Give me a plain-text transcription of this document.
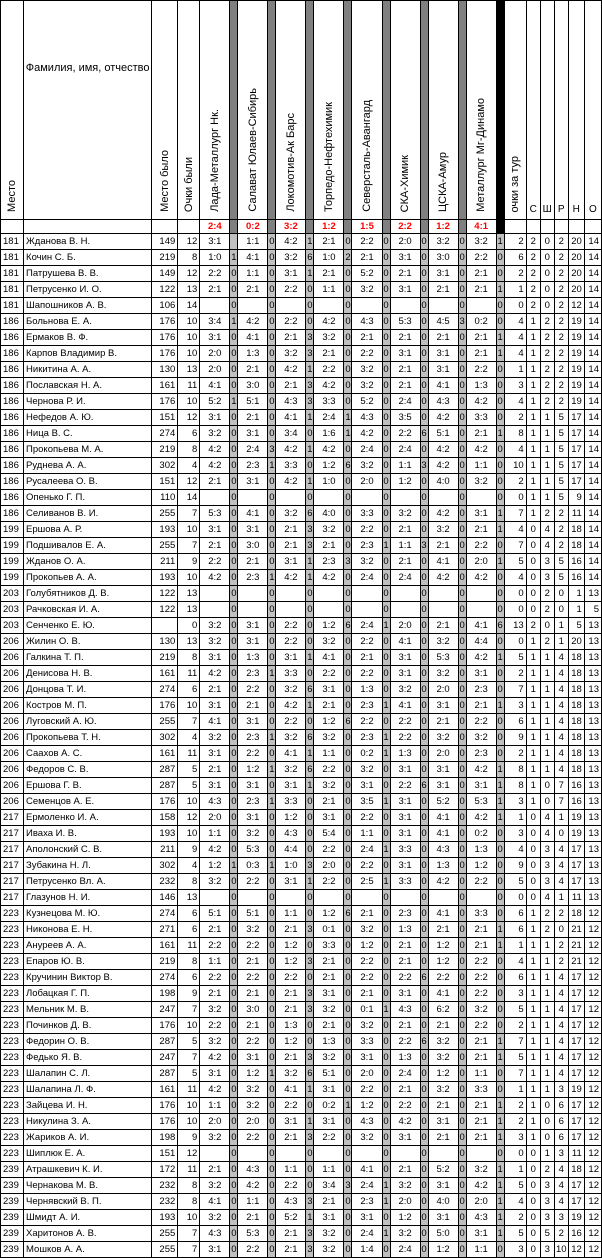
Место	Фамилия, имя, отчество	Место было	Очки были	Лада-Металлург Нк.		Салават Юлаев-Сибирь		Локомотив-Ак Барс		Торпедо-Нефтехимик		Северсталь-Авангард		СКА-Химик		ЦСКА-Амур		Металлург Мг-Динамо		очки за тур	С	Ш	Р	Н	О
				2:4		0:2		3:2		1:2		1:5		2:2		1:2		4:1							
181	Жданова В. Н.	149	12	3:1		1:1	0	4:2	1	2:1	0	2:2	0	2:0	0	3:2	0	3:2	1	2	2	0	2	20	14
181	Кочин С. Б.	219	8	1:0	1	4:1	0	3:2	6	1:0	2	2:1	0	3:1	0	3:0	0	2:2	0	6	2	0	2	20	14
181	Патрушева В. В.	149	12	2:2	0	1:1	0	3:1	1	2:1	0	5:2	0	2:1	0	3:1	0	2:1	0	2	2	0	2	20	14
181	Петрусенко И. О.	122	13	2:1	0	2:1	0	2:2	0	1:1	0	3:2	0	3:1	0	2:1	0	2:1	1	1	2	0	2	20	14
181	Шапошников А. В.	106	14		0		0		0		0		0		0		0		0	0	2	0	2	12	14
186	Больнова Е. А.	176	10	3:4	1	4:2	0	2:2	0	4:2	0	4:3	0	5:3	0	4:5	3	0:2	0	4	1	2	2	19	14
186	Ермаков В. Ф.	176	10	3:1	0	4:1	0	2:1	3	3:2	0	2:1	0	2:1	0	2:1	0	2:1	1	4	1	2	2	19	14
186	Карпов Владимир В.	176	10	2:0	0	1:3	0	3:2	3	2:1	0	2:2	0	3:1	0	3:1	0	2:1	1	4	1	2	2	19	14
186	Никитина А. А.	130	13	2:0	0	2:1	0	4:2	1	2:2	0	3:2	0	2:1	0	3:1	0	2:2	0	1	1	2	2	19	14
186	Пославская Н. А.	161	11	4:1	0	3:0	0	2:1	3	4:2	0	3:2	0	2:1	0	4:1	0	1:3	0	3	1	2	2	19	14
186	Чернова Р. И.	176	10	5:2	1	5:1	0	4:3	3	3:3	0	5:2	0	2:4	0	4:3	0	4:2	0	4	1	2	2	19	14
186	Нефедов А. Ю.	151	12	3:1	0	2:1	0	4:1	1	2:4	1	4:3	0	3:5	0	4:2	0	3:3	0	2	1	1	5	17	14
186	Ница В. С.	274	6	3:2	0	3:1	0	3:4	0	1:6	1	4:2	0	2:2	6	5:1	0	2:1	1	8	1	1	5	17	14
186	Прокопьева М. А.	219	8	4:2	0	2:4	3	4:2	1	4:2	0	2:4	0	2:4	0	4:2	0	4:2	0	4	1	1	5	17	14
186	Руднева А. А.	302	4	4:2	0	2:3	1	3:3	0	1:2	6	3:2	0	1:1	3	4:2	0	1:1	0	10	1	1	5	17	14
186	Русалеева О. В.	151	12	2:1	0	3:1	0	4:2	1	1:0	0	2:0	0	1:2	0	4:0	0	3:2	0	2	1	1	5	17	14
186	Опенько Г. П.	110	14		0		0		0		0		0		0		0		0	0	1	1	5	9	14
186	Селиванов В. И.	255	7	5:3	0	4:1	0	3:2	6	4:0	0	3:3	0	3:2	0	4:2	0	3:1	1	7	1	2	2	11	14
199	Ершова А. Р.	193	10	3:1	0	3:1	0	2:1	3	3:2	0	2:2	0	2:1	0	3:2	0	2:1	1	4	0	4	2	18	14
199	Подшивалов Е. А.	255	7	2:1	0	3:0	0	2:1	3	2:1	0	2:3	1	1:1	3	2:1	0	2:2	0	7	0	4	2	18	14
199	Жданов О. А.	211	9	2:2	0	2:1	0	3:1	1	2:3	3	3:2	0	2:1	0	4:1	0	2:0	1	5	0	3	5	16	14
199	Прокопьев А. А.	193	10	4:2	0	2:3	1	4:2	1	4:2	0	2:4	0	2:4	0	4:2	0	4:2	0	4	0	3	5	16	14
203	Голубятников Д. В.	122	13		0		0		0		0		0		0		0		0	0	0	2	0	1	13
203	Рачковская И. А.	122	13		0		0		0		0		0		0		0		0	0	0	2	0	1	5
203	Сенченко Е. Ю.		0	3:2	0	3:1	0	2:2	0	1:2	6	2:4	1	2:0	0	2:1	0	4:1	6	13	2	0	1	5	13
206	Жилин О. В.	130	13	3:2	0	3:1	0	2:2	0	3:2	0	2:2	0	4:1	0	3:2	0	4:4	0	0	1	2	1	20	13
206	Галкина Т. П.	219	8	3:1	0	1:3	0	3:1	1	4:1	0	2:1	0	3:1	0	5:3	0	4:2	1	5	1	1	4	18	13
206	Денисова Н. В.	161	11	4:2	0	2:3	1	3:3	0	2:2	0	2:2	0	3:1	0	3:2	0	3:1	0	2	1	1	4	18	13
206	Донцова Т. И.	274	6	2:1	0	2:2	0	3:2	6	3:1	0	1:3	0	3:2	0	2:0	0	2:3	0	7	1	1	4	18	13
206	Костров М. П.	176	10	3:1	0	2:1	0	4:2	1	2:1	0	2:3	1	4:1	0	3:1	0	2:1	1	3	1	1	4	18	13
206	Луговский А. Ю.	255	7	4:1	0	3:1	0	2:2	0	1:2	6	2:2	0	2:2	0	2:1	0	2:2	0	6	1	1	4	18	13
206	Прокопьева Т. Н.	302	4	3:2	0	2:3	1	3:2	6	3:2	0	2:3	1	2:2	0	3:2	0	3:2	0	9	1	1	4	18	13
206	Саахов А. С.	161	11	3:1	0	2:2	0	4:1	1	1:1	0	0:2	1	1:3	0	2:0	0	2:3	0	2	1	1	4	18	13
206	Федоров С. В.	287	5	2:1	0	1:2	1	3:2	6	2:2	0	3:2	0	3:1	0	3:1	0	4:2	1	8	1	1	4	18	13
206	Ершова Г. В.	287	5	3:1	0	3:1	0	3:1	1	3:2	0	3:1	0	2:2	6	3:1	0	3:1	1	8	1	0	7	16	13
206	Семенцов А. Е.	176	10	4:3	0	2:3	1	3:3	0	2:1	0	3:5	1	3:1	0	5:2	0	5:3	1	3	1	0	7	16	13
217	Ермоленко И. А.	158	12	2:0	0	3:1	0	1:2	0	3:1	0	2:2	0	3:1	0	4:1	0	4:2	1	1	0	4	1	19	13
217	Иваха И. В.	193	10	1:1	0	3:2	0	4:3	0	5:4	0	1:1	0	3:1	0	4:1	0	0:2	0	3	0	4	0	19	13
217	Аполонский С. В.	211	9	4:2	0	5:3	0	4:4	0	2:2	0	2:4	1	3:3	0	4:3	0	1:3	0	4	0	3	4	17	13
217	Зубакина Н. Л.	302	4	1:2	1	0:3	1	1:0	3	2:0	0	2:2	0	3:1	0	1:3	0	1:2	0	9	0	3	4	17	13
217	Петрусенко Вл. А.	232	8	3:2	0	2:2	0	3:1	1	2:2	0	2:5	1	3:3	0	4:2	0	2:2	0	5	0	3	4	17	13
217	Глазунов Н. И.	146	13		0		0		0		0		0		0		0		0	0	0	4	1	11	13
223	Кузнецова М. Ю.	274	6	5:1	0	5:1	0	1:1	0	1:2	6	2:1	0	2:3	0	4:1	0	3:3	0	6	1	2	2	18	12
223	Никонова Е. Н.	271	6	2:1	0	3:2	0	2:1	3	0:1	0	3:2	0	1:3	0	2:1	0	2:1	1	6	1	2	0	21	12
223	Ануреев А. А.	161	11	2:2	0	2:2	0	1:2	0	3:3	0	1:2	0	2:1	0	1:2	0	2:1	1	1	1	1	2	21	12
223	Епаров Ю. В.	219	8	1:1	0	2:1	0	1:2	3	2:1	0	2:2	0	2:1	0	1:2	0	2:2	0	4	1	1	2	21	12
223	Кручинин Виктор В.	274	6	2:2	0	2:2	0	2:2	0	2:1	0	2:2	0	2:2	6	2:2	0	2:2	0	6	1	1	4	17	12
223	Лобацкая Г. П.	198	9	2:1	0	2:1	0	2:1	3	3:1	0	2:1	0	3:1	0	4:1	0	2:2	0	3	1	1	4	17	12
223	Мельник М. В.	247	7	3:2	0	3:0	0	2:1	3	3:2	0	0:1	1	4:3	0	6:2	0	3:2	0	5	1	1	4	17	12
223	Починков Д. В.	176	10	2:2	0	2:1	0	1:3	0	2:1	0	3:2	0	2:1	0	2:1	0	2:2	0	2	1	1	4	17	12
223	Федорин О. В.	287	5	3:2	0	2:2	0	1:2	0	1:3	0	3:3	0	2:2	6	3:2	0	2:1	1	7	1	1	4	17	12
223	Федько Я. В.	247	7	4:2	0	3:1	0	2:1	3	3:2	0	3:1	0	1:3	0	3:2	0	2:1	1	5	1	1	4	17	12
223	Шалапин С. Л.	287	5	3:1	0	1:2	1	3:2	6	5:1	0	2:0	0	2:4	0	1:2	0	1:1	0	7	1	1	4	17	12
223	Шалапина Л. Ф.	161	11	4:2	0	3:2	0	4:1	1	3:1	0	2:2	0	2:1	0	3:2	0	3:3	0	1	1	1	3	19	12
223	Зайцева И. Н.	176	10	1:1	0	3:2	0	2:2	0	0:2	1	1:2	0	2:2	0	2:1	0	2:1	1	2	1	0	6	17	12
223	Никулина З. А.	176	10	2:0	0	2:0	0	3:1	1	3:1	0	4:3	0	4:2	0	3:1	0	2:1	1	2	1	0	6	17	12
223	Жариков А. И.	198	9	3:2	0	2:2	0	2:1	3	2:2	0	3:2	0	3:1	0	2:1	0	2:1	1	3	1	0	6	17	12
223	Шиплюк Е. А.	151	12		0		0		0		0		0		0		0		0	0	0	1	3	11	12
239	Атрашкевич К. И.	172	11	2:1	0	4:3	0	1:1	0	1:1	0	4:1	0	2:1	0	5:2	0	3:2	1	1	0	2	4	18	12
239	Чернакова М. В.	232	8	3:2	0	4:2	0	2:2	0	3:4	3	2:4	1	3:2	0	3:1	0	4:2	1	5	0	3	4	17	12
239	Чернявский В. П.	232	8	4:1	0	1:1	0	4:3	3	2:1	0	2:3	1	2:0	0	4:0	0	2:0	1	4	0	3	4	17	12
239	Шмидт А. И.	193	10	3:2	0	2:1	0	5:2	1	3:1	0	3:1	0	1:2	0	3:1	0	4:3	1	2	0	3	3	19	12
239	Харитонов А. В.	255	7	4:3	0	5:3	0	2:1	3	3:2	0	2:4	1	3:2	0	5:0	0	3:1	1	5	0	5	2	16	12
239	Мошков А. А.	255	7	3:1	0	2:2	0	2:1	3	3:2	0	1:4	0	2:4	0	1:2	0	1:1	0	3	0	3	10	12	12
